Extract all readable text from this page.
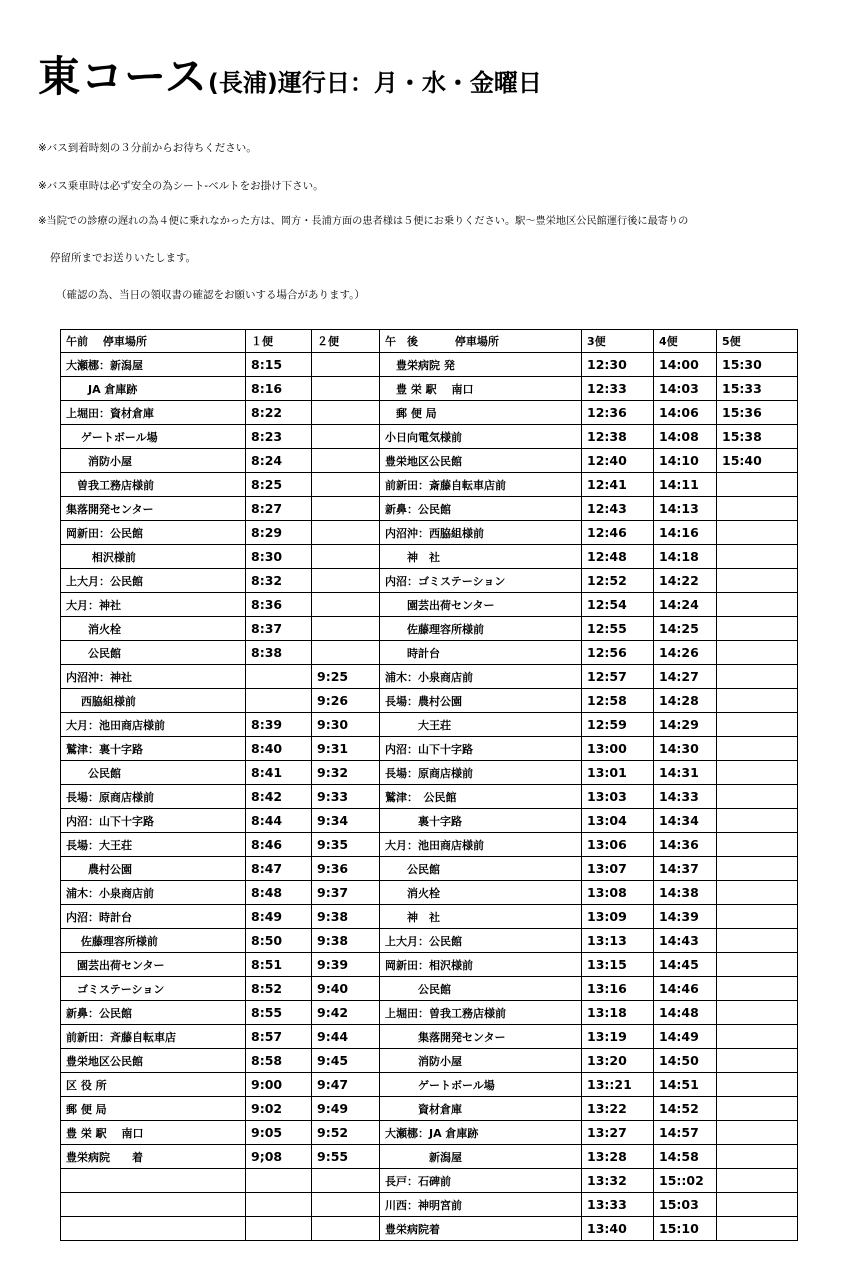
東コース(長浦)運行日：月・水・金曜日
※バス到着時刻の３分前からお待ちください。
※バス乗車時は必ず安全の為シート-ベルトをお掛け下さい。
※当院での診療の遅れの為４便に乗れなかった方は、岡方・長浦方面の患者様は５便にお乗りください。駅～豊栄地区公民館運行後に最寄りの
停留所までお送りいたします。
（確認の為、当日の領収書の確認をお願いする場合があります。）
午前　 停車場所	１便	２便	午　後　　　 停車場所	3便	4便	5便
大瀬梛：新潟屋	8:15		　豊栄病院 発	12:30	14:00	15:30
　　JA 倉庫跡	8:16		　豊 栄 駅　 南口	12:33	14:03	15:33
上堀田：資材倉庫	8:22		　郵 便 局	12:36	14:06	15:36
　 ゲートボール場	8:23		小日向電気様前	12:38	14:08	15:38
　　消防小屋	8:24		豊栄地区公民館	12:40	14:10	15:40
　曽我工務店様前	8:25		前新田：斎藤自転車店前	12:41	14:11	
集落開発センター	8:27		新鼻：公民館	12:43	14:13	
岡新田：公民館	8:29		内沼沖：西脇組様前	12:46	14:16	
　　 相沢様前	8:30		　　神　社	12:48	14:18	
上大月：公民館	8:32		内沼：ゴミステーション	12:52	14:22	
大月：神社	8:36		　　園芸出荷センター	12:54	14:24	
　　消火栓	8:37		　　佐藤理容所様前	12:55	14:25	
　　公民館	8:38		　　時計台	12:56	14:26	
内沼沖：神社		9:25	浦木：小泉商店前	12:57	14:27	
　 西脇組様前		9:26	長場：農村公園	12:58	14:28	
大月：池田商店様前	8:39	9:30	　　　大王荘	12:59	14:29	
鷲津：裏十字路	8:40	9:31	内沼：山下十字路	13:00	14:30	
　　公民館	8:41	9:32	長場：原商店様前	13:01	14:31	
長場：原商店様前	8:42	9:33	鷲津：　公民館	13:03	14:33	
内沼：山下十字路	8:44	9:34	　　　裏十字路	13:04	14:34	
長場：大王荘	8:46	9:35	大月：池田商店様前	13:06	14:36	
　　農村公園	8:47	9:36	　　公民館	13:07	14:37	
浦木：小泉商店前	8:48	9:37	　　消火栓	13:08	14:38	
内沼：時計台	8:49	9:38	　　神　社	13:09	14:39	
　 佐藤理容所様前	8:50	9:38	上大月：公民館	13:13	14:43	
　園芸出荷センター	8:51	9:39	岡新田：相沢様前	13:15	14:45	
　ゴミステーション	8:52	9:40	　　　公民館	13:16	14:46	
新鼻：公民館	8:55	9:42	上堀田：曽我工務店様前	13:18	14:48	
前新田：斉藤自転車店	8:57	9:44	　　　集落開発センター	13:19	14:49	
豊栄地区公民館	8:58	9:45	　　　消防小屋	13:20	14:50	
区 役 所	9:00	9:47	　　　ゲートボール場	13::21	14:51	
郵 便 局	9:02	9:49	　　　資材倉庫	13:22	14:52	
豊 栄 駅　 南口	9:05	9:52	大瀬梛：JA 倉庫跡	13:27	14:57	
豊栄病院　　着	9;08	9:55	　　　　新潟屋	13:28	14:58	
			長戸：石碑前	13:32	15::02	
			川西：神明宮前	13:33	15:03	
			豊栄病院着	13:40	15:10	
